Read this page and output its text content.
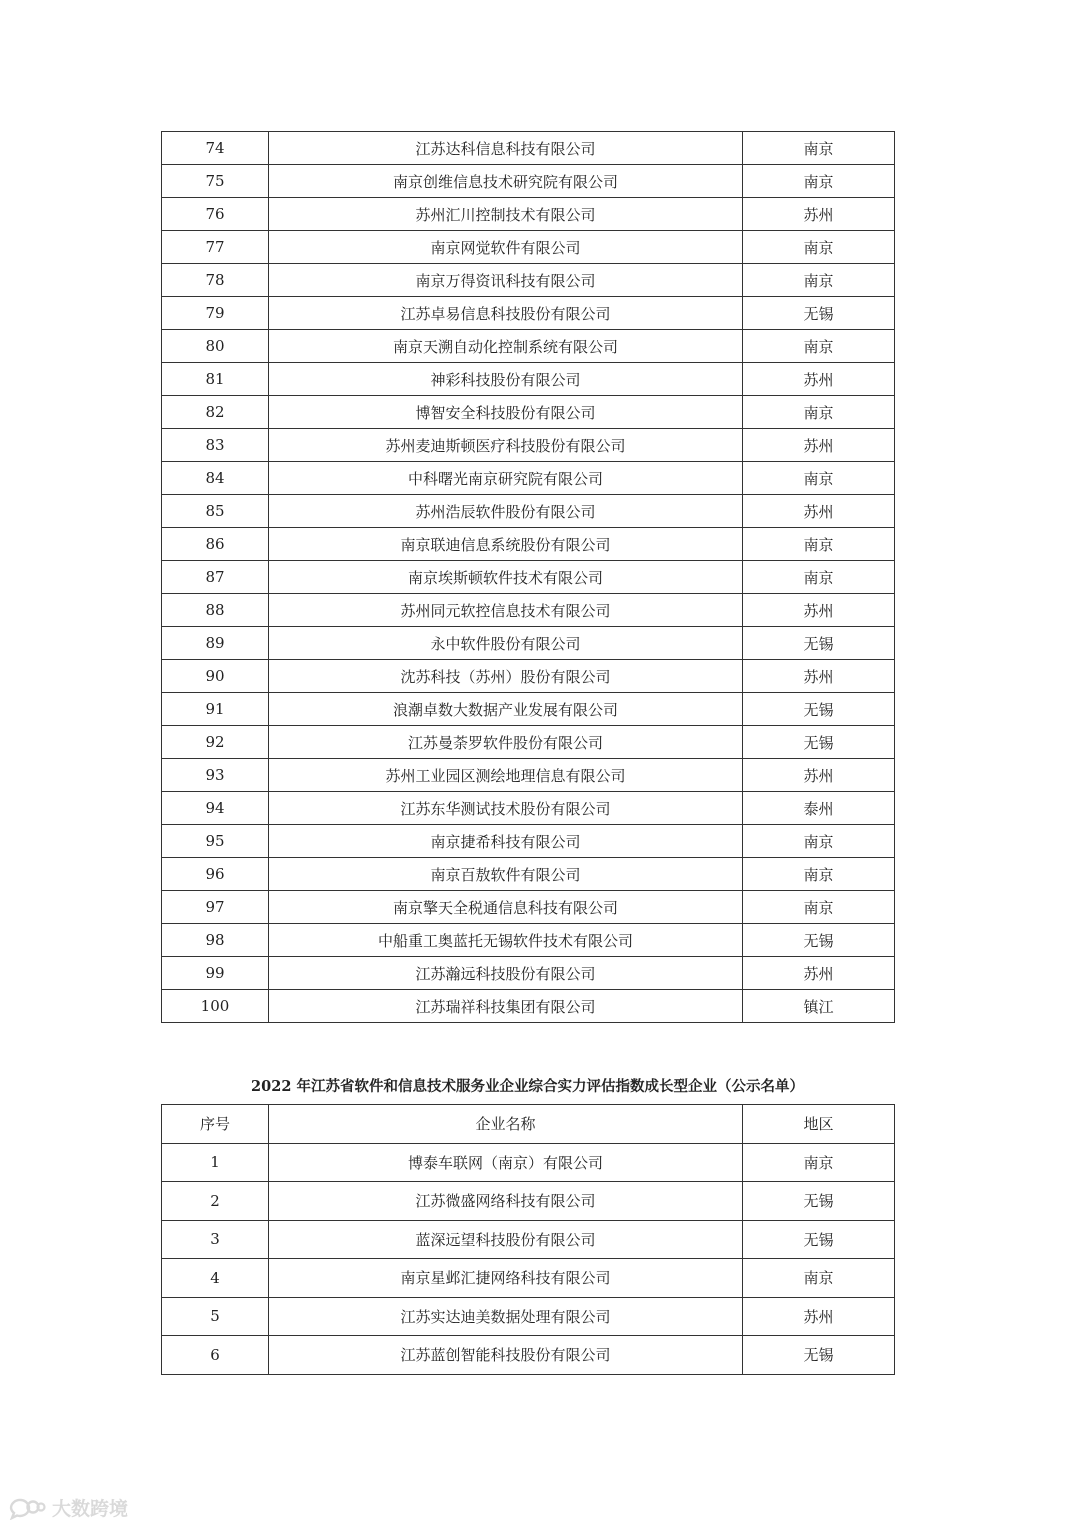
74	江苏达科信息科技有限公司	南京
75	南京创维信息技术研究院有限公司	南京
76	苏州汇川控制技术有限公司	苏州
77	南京网觉软件有限公司	南京
78	南京万得资讯科技有限公司	南京
79	江苏卓易信息科技股份有限公司	无锡
80	南京天溯自动化控制系统有限公司	南京
81	神彩科技股份有限公司	苏州
82	博智安全科技股份有限公司	南京
83	苏州麦迪斯顿医疗科技股份有限公司	苏州
84	中科曙光南京研究院有限公司	南京
85	苏州浩辰软件股份有限公司	苏州
86	南京联迪信息系统股份有限公司	南京
87	南京埃斯顿软件技术有限公司	南京
88	苏州同元软控信息技术有限公司	苏州
89	永中软件股份有限公司	无锡
90	沈苏科技（苏州）股份有限公司	苏州
91	浪潮卓数大数据产业发展有限公司	无锡
92	江苏曼荼罗软件股份有限公司	无锡
93	苏州工业园区测绘地理信息有限公司	苏州
94	江苏东华测试技术股份有限公司	泰州
95	南京捷希科技有限公司	南京
96	南京百敖软件有限公司	南京
97	南京擎天全税通信息科技有限公司	南京
98	中船重工奥蓝托无锡软件技术有限公司	无锡
99	江苏瀚远科技股份有限公司	苏州
100	江苏瑞祥科技集团有限公司	镇江
2022 年江苏省软件和信息技术服务业企业综合实力评估指数成长型企业（公示名单）
序号	企业名称	地区
1	博泰车联网（南京）有限公司	南京
2	江苏微盛网络科技有限公司	无锡
3	蓝深远望科技股份有限公司	无锡
4	南京星邺汇捷网络科技有限公司	南京
5	江苏实达迪美数据处理有限公司	苏州
6	江苏蓝创智能科技股份有限公司	无锡
大数跨境
